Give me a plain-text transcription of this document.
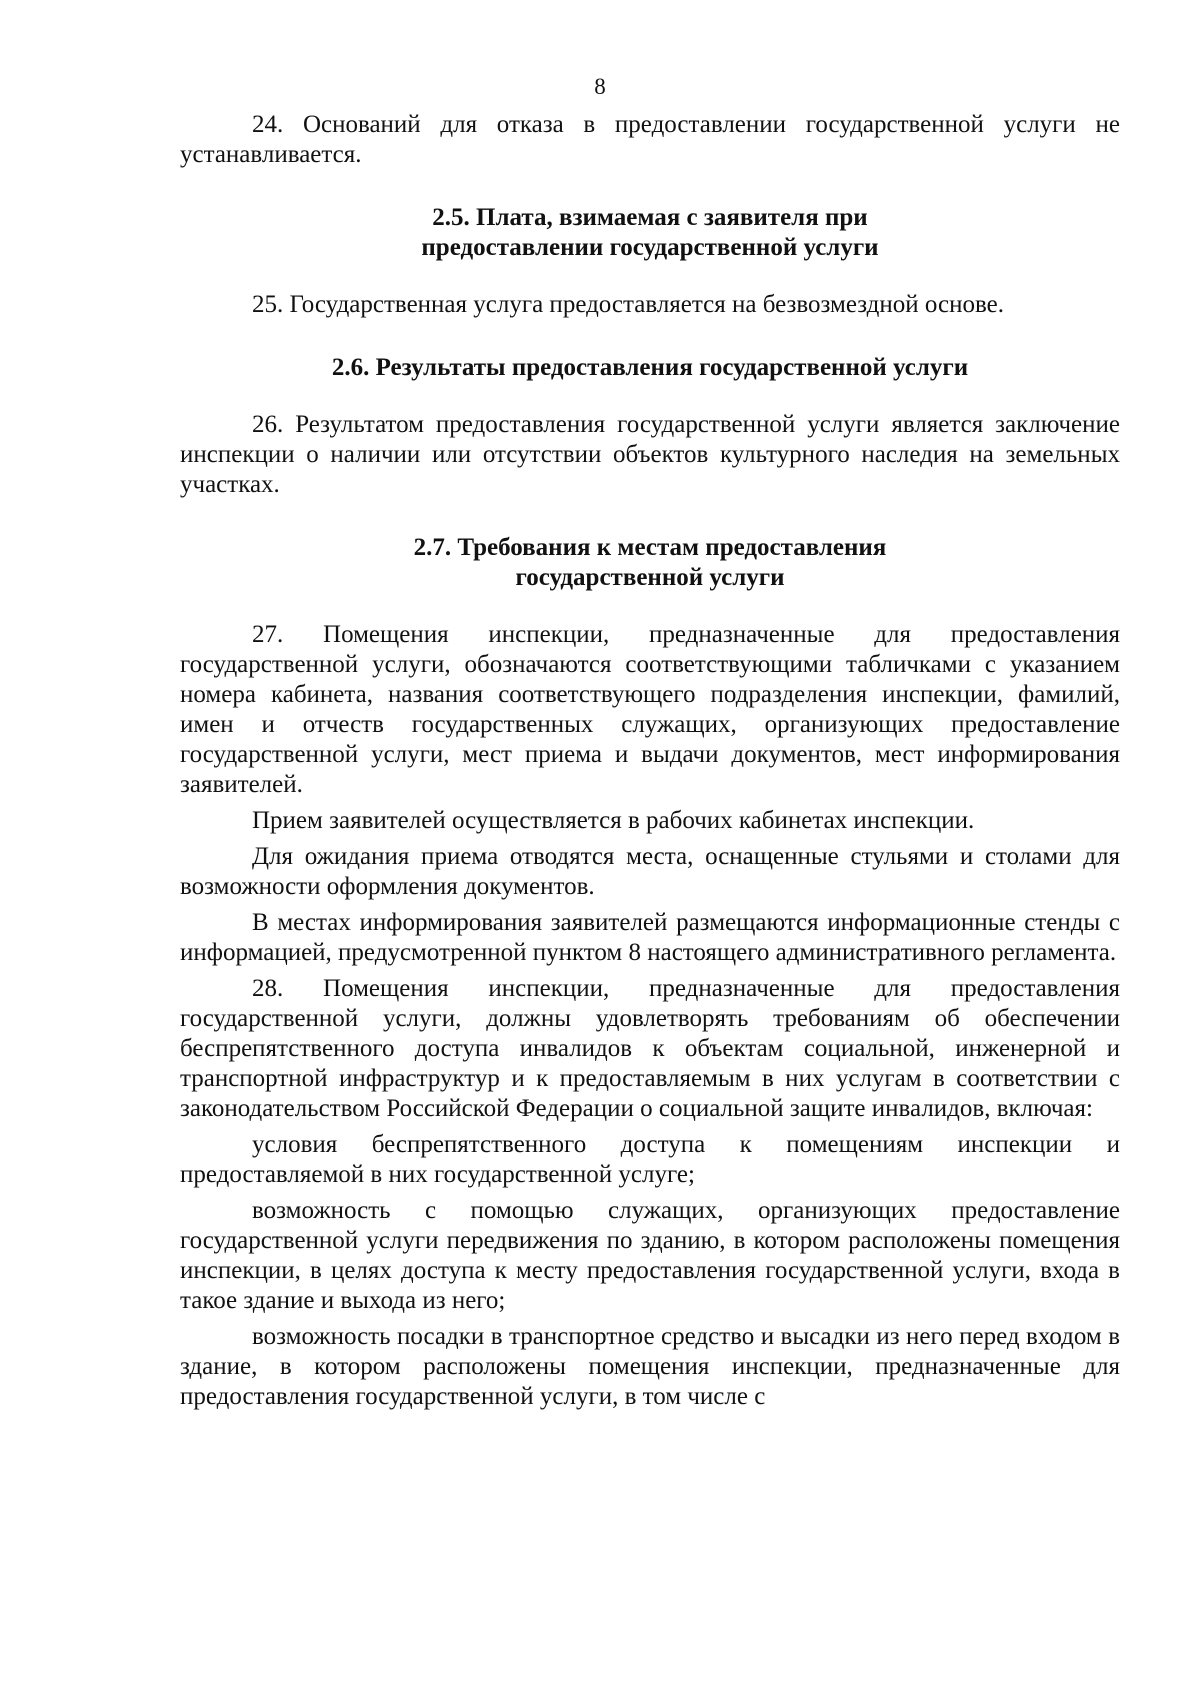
8

24. Оснований для отказа в предоставлении государственной услуги не устанавливается.

2.5. Плата, взимаемая с заявителя при
предоставлении государственной услуги

25. Государственная услуга предоставляется на безвозмездной основе.

2.6. Результаты предоставления государственной услуги

26. Результатом предоставления государственной услуги является заключение инспекции о наличии или отсутствии объектов культурного наследия на земельных участках.

2.7. Требования к местам предоставления
государственной услуги

27. Помещения инспекции, предназначенные для предоставления государственной услуги, обозначаются соответствующими табличками с указанием номера кабинета, названия соответствующего подразделения инспекции, фамилий, имен и отчеств государственных служащих, организующих предоставление государственной услуги, мест приема и выдачи документов, мест информирования заявителей.

Прием заявителей осуществляется в рабочих кабинетах инспекции.

Для ожидания приема отводятся места, оснащенные стульями и столами для возможности оформления документов.

В местах информирования заявителей размещаются информационные стенды с информацией, предусмотренной пунктом 8 настоящего административного регламента.

28. Помещения инспекции, предназначенные для предоставления государственной услуги, должны удовлетворять требованиям об обеспечении беспрепятственного доступа инвалидов к объектам социальной, инженерной и транспортной инфраструктур и к предоставляемым в них услугам в соответствии с законодательством Российской Федерации о социальной защите инвалидов, включая:

условия беспрепятственного доступа к помещениям инспекции и предоставляемой в них государственной услуге;

возможность с помощью служащих, организующих предоставление государственной услуги передвижения по зданию, в котором расположены помещения инспекции, в целях доступа к месту предоставления государственной услуги, входа в такое здание и выхода из него;

возможность посадки в транспортное средство и высадки из него перед входом в здание, в котором расположены помещения инспекции, предназначенные для предоставления государственной услуги, в том числе с
